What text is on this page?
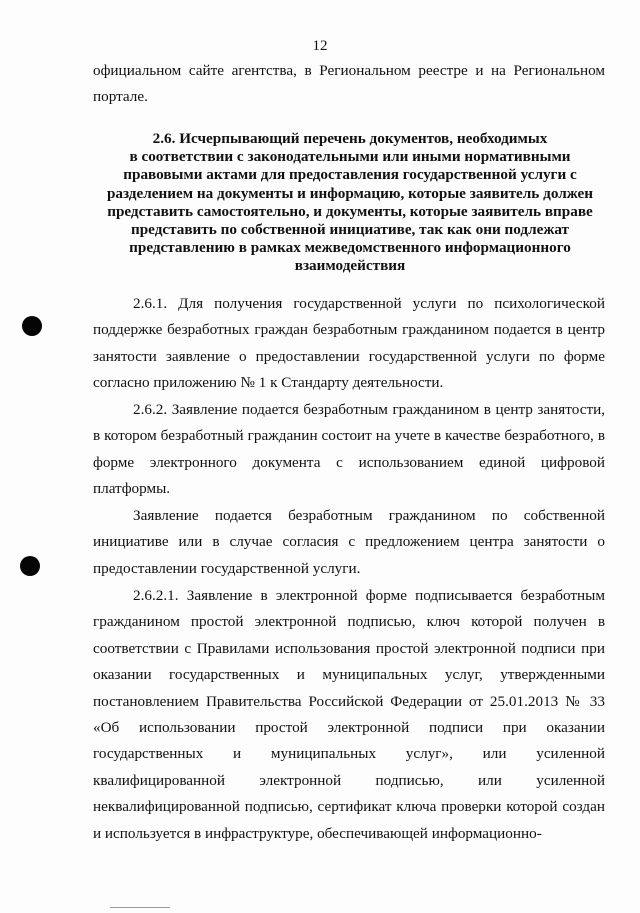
12

официальном сайте агентства, в Региональном реестре и на Региональном портале.

2.6. Исчерпывающий перечень документов, необходимых
в соответствии с законодательными или иными нормативными
правовыми актами для предоставления государственной услуги с
разделением на документы и информацию, которые заявитель должен
представить самостоятельно, и документы, которые заявитель вправе
представить по собственной инициативе, так как они подлежат
представлению в рамках межведомственного информационного
взаимодействия

2.6.1. Для получения государственной услуги по психологической поддержке безработных граждан безработным гражданином подается в центр занятости заявление о предоставлении государственной услуги по форме согласно приложению № 1 к Стандарту деятельности.

2.6.2. Заявление подается безработным гражданином в центр занятости, в котором безработный гражданин состоит на учете в качестве безработного, в форме электронного документа с использованием единой цифровой платформы.

Заявление подается безработным гражданином по собственной инициативе или в случае согласия с предложением центра занятости о предоставлении государственной услуги.

2.6.2.1. Заявление в электронной форме подписывается безработным гражданином простой электронной подписью, ключ которой получен в соответствии с Правилами использования простой электронной подписи при оказании государственных и муниципальных услуг, утвержденными постановлением Правительства Российской Федерации от 25.01.2013 № 33 «Об использовании простой электронной подписи при оказании государственных и муниципальных услуг», или усиленной квалифицированной электронной подписью, или усиленной неквалифицированной подписью, сертификат ключа проверки которой создан и используется в инфраструктуре, обеспечивающей информационно-
